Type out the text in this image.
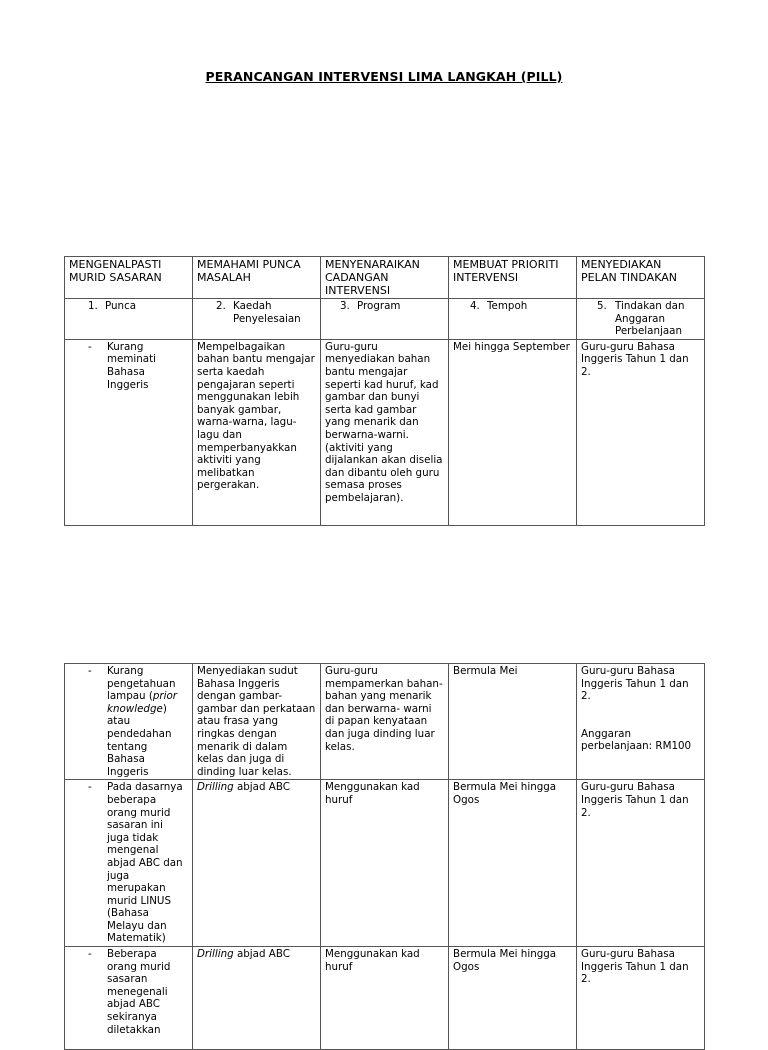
PERANCANGAN INTERVENSI LIMA LANGKAH (PILL)
MENGENALPASTI MURID SASARAN	MEMAHAMI PUNCA MASALAH	MENYENARAIKAN CADANGAN INTERVENSI	MEMBUAT PRIORITI INTERVENSI	MENYEDIAKAN PELAN TINDAKAN

1. Punca	2. Kaedah Penyelesaian	3. Program	4. Tempoh	5. Tindakan dan Anggaran Perbelanjaan

- Kurang meminati Bahasa Inggeris	Mempelbagaikan bahan bantu mengajar serta kaedah pengajaran seperti menggunakan lebih banyak gambar, warna-warna, lagu-lagu dan memperbanyakkan aktiviti yang melibatkan pergerakan.	Guru-guru menyediakan bahan bantu mengajar seperti kad huruf, kad gambar dan bunyi serta kad gambar yang menarik dan berwarna-warni. (aktiviti yang dijalankan akan diselia dan dibantu oleh guru semasa proses pembelajaran).	Mei hingga September	Guru-guru Bahasa Inggeris Tahun 1 dan 2.
- Kurang pengetahuan lampau (prior knowledge) atau pendedahan tentang Bahasa Inggeris	Menyediakan sudut Bahasa Inggeris dengan gambar-gambar dan perkataan atau frasa yang ringkas dengan menarik di dalam kelas dan juga di dinding luar kelas.	Guru-guru mempamerkan bahan-bahan yang menarik dan berwarna- warni di papan kenyataan dan juga dinding luar kelas.	Bermula Mei	Guru-guru Bahasa Inggeris Tahun 1 dan 2.
Anggaran perbelanjaan: RM100

- Pada dasarnya beberapa orang murid sasaran ini juga tidak mengenal abjad ABC dan juga merupakan murid LINUS (Bahasa Melayu dan Matematik)	Drilling abjad ABC	Menggunakan kad huruf	Bermula Mei hingga Ogos	Guru-guru Bahasa Inggeris Tahun 1 dan 2.

- Beberapa orang murid sasaran menegenali abjad ABC sekiranya diletakkan	Drilling abjad ABC	Menggunakan kad huruf	Bermula Mei hingga Ogos	Guru-guru Bahasa Inggeris Tahun 1 dan 2.
